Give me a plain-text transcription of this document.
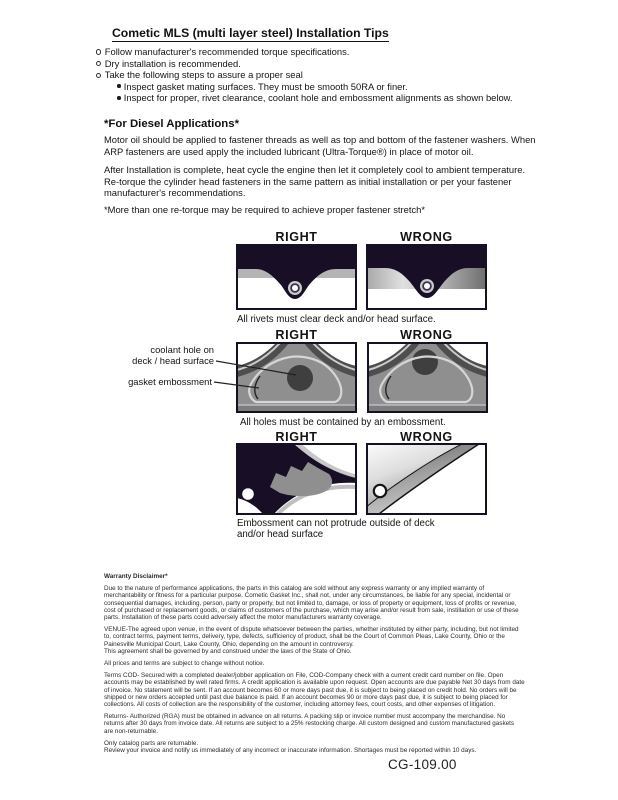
Cometic MLS (multi layer steel) Installation Tips
Follow manufacturer's recommended torque specifications.
Dry installation is recommended.
Take the following steps to assure a proper seal
Inspect gasket mating surfaces. They must be smooth 50RA or finer.
Inspect for proper, rivet clearance, coolant hole and embossment alignments as shown below.
*For Diesel Applications*
Motor oil should be applied to fastener threads as well as top and bottom of the fastener washers. When ARP fasteners are used apply the included lubricant (Ultra-Torque®) in place of motor oil.
After Installation is complete, heat cycle the engine then let it completely cool to ambient temperature. Re-torque the cylinder head fasteners in the same pattern as initial installation or per your fastener manufacturer's recommendations.
*More than one re-torque may be required to achieve proper fastener stretch*
RIGHT	WRONG
All rivets must clear deck and/or head surface.
RIGHT	WRONG
coolant hole on
deck / head surface
gasket embossment
All holes must be contained by an embossment.
RIGHT	WRONG
Embossment can not protrude outside of deck and/or head surface
Warranty Disclaimer*
Due to the nature of performance applications, the parts in this catalog are sold without any express warranty or any implied warranty of merchantability or fitness for a particular purpose. Cometic Gasket Inc., shall not, under any circumstances, be liable for any special, incidental or consequential damages, including, person, party or property, but not limited to, damage, or loss of property or equipment, loss of profits or revenue, cost of purchased or replacement goods, or claims of customers of the purchase, which may arise and/or result from sale, instillation or use of these parts. Installation of these parts could adversely affect the motor manufacturers warranty coverage.
VENUE-The agreed upon venue, in the event of dispute whatsoever between the parties, whether instituted by either party, including, but not limited to, contract terms, payment terms, delivery, type, defects, sufficiency of product, shall be the Court of Common Pleas, Lake County, Ohio or the Painesville Municipal Court, Lake County, Ohio, depending on the amount in controversy.
This agreement shall be governed by and construed under the laws of the State of Ohio.
All prices and terms are subject to change without notice.
Terms COD- Secured with a completed dealer/jobber application on File, COD-Company check with a current credit card number on file. Open accounts may be established by well rated firms. A credit application is available upon request. Open accounts are due payable Net 30 days from date of invoice. No statement will be sent. If an account becomes 60 or more days past due, it is subject to being placed on credit hold. No orders will be shipped or new orders accepted until past due balance is paid. If an account becomes 90 or more days past due, it is subject to being placed for collections. All costs of collection are the responsibility of the customer, including attorney fees, court costs, and other expenses of litigation.
Returns- Authorized (RGA) must be obtained in advance on all returns. A packing slip or invoice number must accompany the merchandise. No returns after 30 days from invoice date. All returns are subject to a 25% restocking charge. All custom designed and custom manufactured gaskets are non-returnable.
Only catalog parts are returnable.
Review your invoice and notify us immediately of any incorrect or inaccurate information. Shortages must be reported within 10 days.
CG-109.00
